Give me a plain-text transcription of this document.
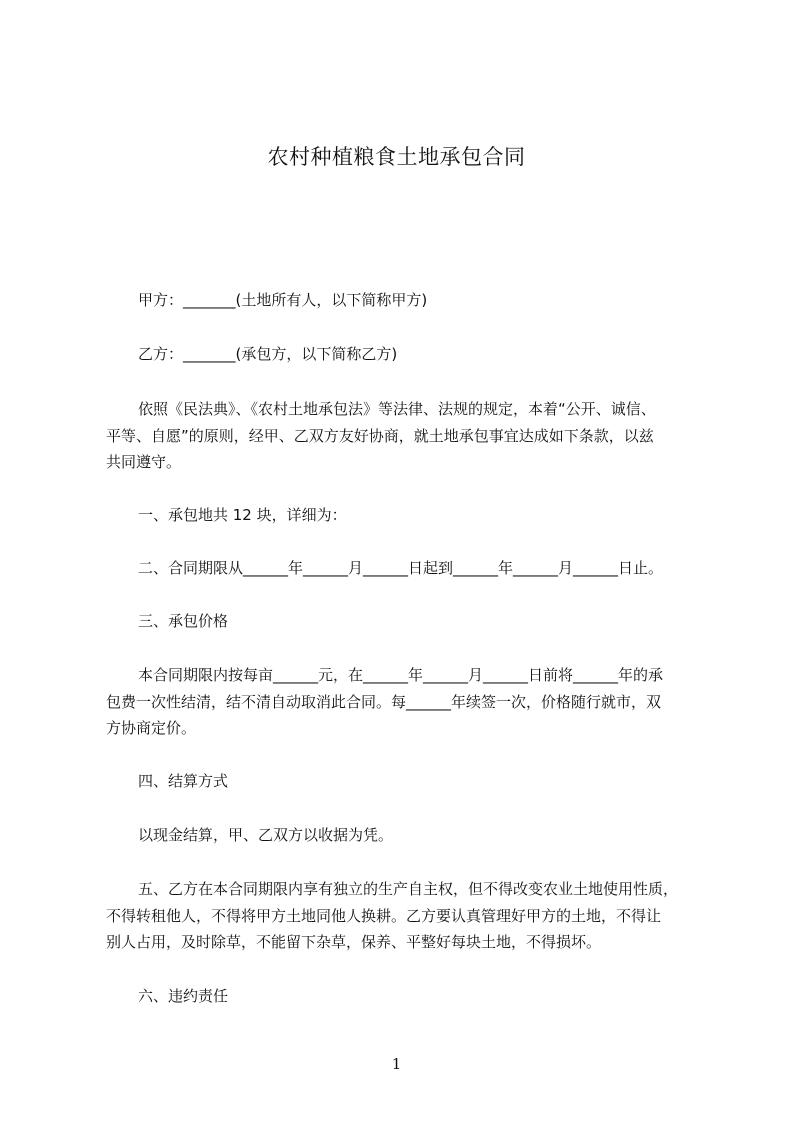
农村种植粮食土地承包合同

甲方：_______(土地所有人，以下简称甲方)

乙方：_______(承包方，以下简称乙方)

依照《民法典》、《农村土地承包法》等法律、法规的规定，本着“公开、诚信、
平等、自愿”的原则，经甲、乙双方友好协商，就土地承包事宜达成如下条款，以兹
共同遵守。

一、承包地共 12 块，详细为：

二、合同期限从______年______月______日起到______年______月______日止。

三、承包价格

本合同期限内按每亩______元，在______年______月______日前将______年的承
包费一次性结清，结不清自动取消此合同。每______年续签一次，价格随行就市，双
方协商定价。

四、结算方式

以现金结算，甲、乙双方以收据为凭。

五、乙方在本合同期限内享有独立的生产自主权，但不得改变农业土地使用性质，
不得转租他人，不得将甲方土地同他人换耕。乙方要认真管理好甲方的土地，不得让
别人占用，及时除草，不能留下杂草，保养、平整好每块土地，不得损坏。

六、违约责任

1
